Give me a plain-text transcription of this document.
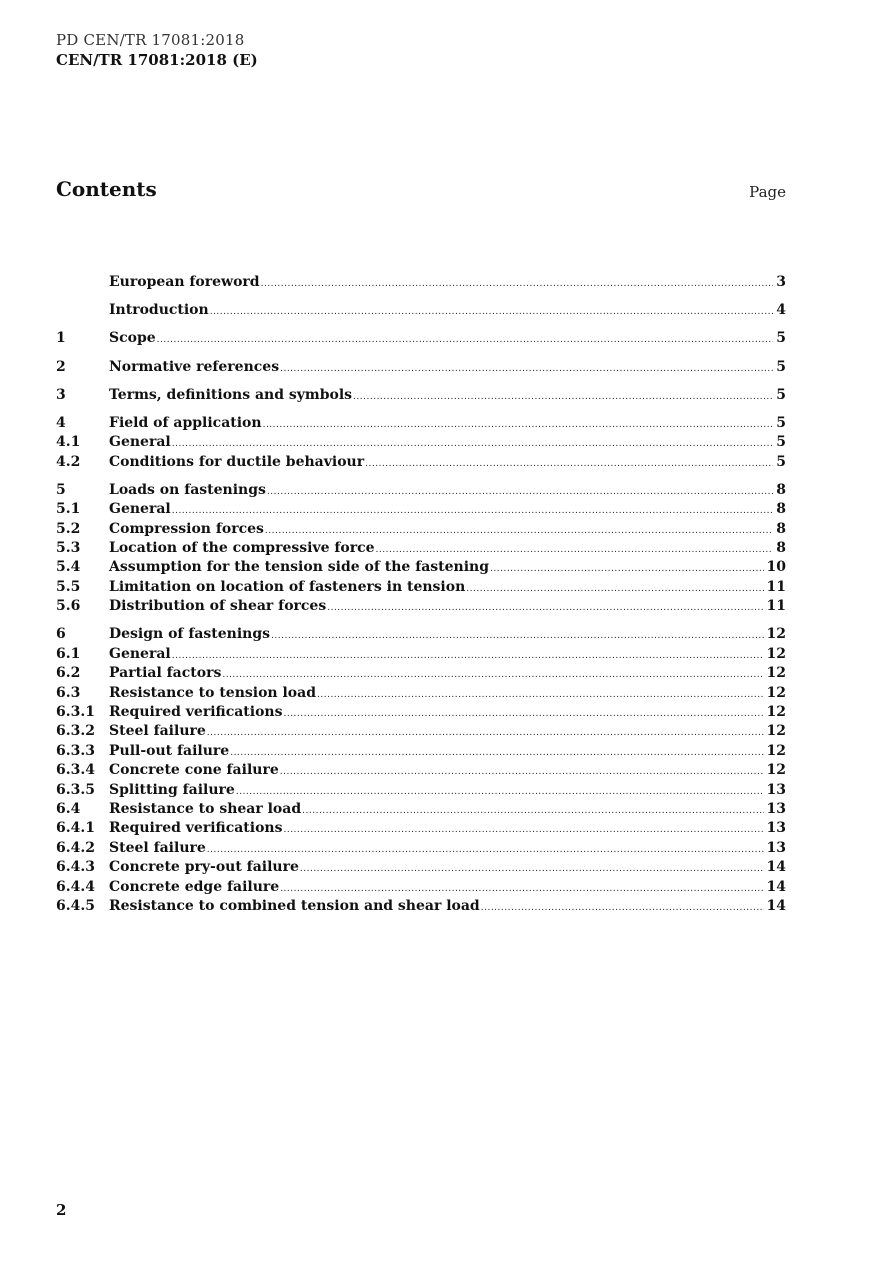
PD CEN/TR 17081:2018
CEN/TR 17081:2018 (E)
Contents	Page
European foreword .....	3
Introduction .....	4
1	Scope .....	5
2	Normative references .....	5
3	Terms, definitions and symbols .....	5
4	Field of application .....	5
4.1	General .....	5
4.2	Conditions for ductile behaviour .....	5
5	Loads on fastenings .....	8
5.1	General .....	8
5.2	Compression forces .....	8
5.3	Location of the compressive force .....	8
5.4	Assumption for the tension side of the fastening .....	10
5.5	Limitation on location of fasteners in tension .....	11
5.6	Distribution of shear forces .....	11
6	Design of fastenings .....	12
6.1	General .....	12
6.2	Partial factors .....	12
6.3	Resistance to tension load .....	12
6.3.1	Required verifications .....	12
6.3.2	Steel failure .....	12
6.3.3	Pull-out failure .....	12
6.3.4	Concrete cone failure .....	12
6.3.5	Splitting failure .....	13
6.4	Resistance to shear load .....	13
6.4.1	Required verifications .....	13
6.4.2	Steel failure .....	13
6.4.3	Concrete pry-out failure .....	14
6.4.4	Concrete edge failure .....	14
6.4.5	Resistance to combined tension and shear load .....	14
2
